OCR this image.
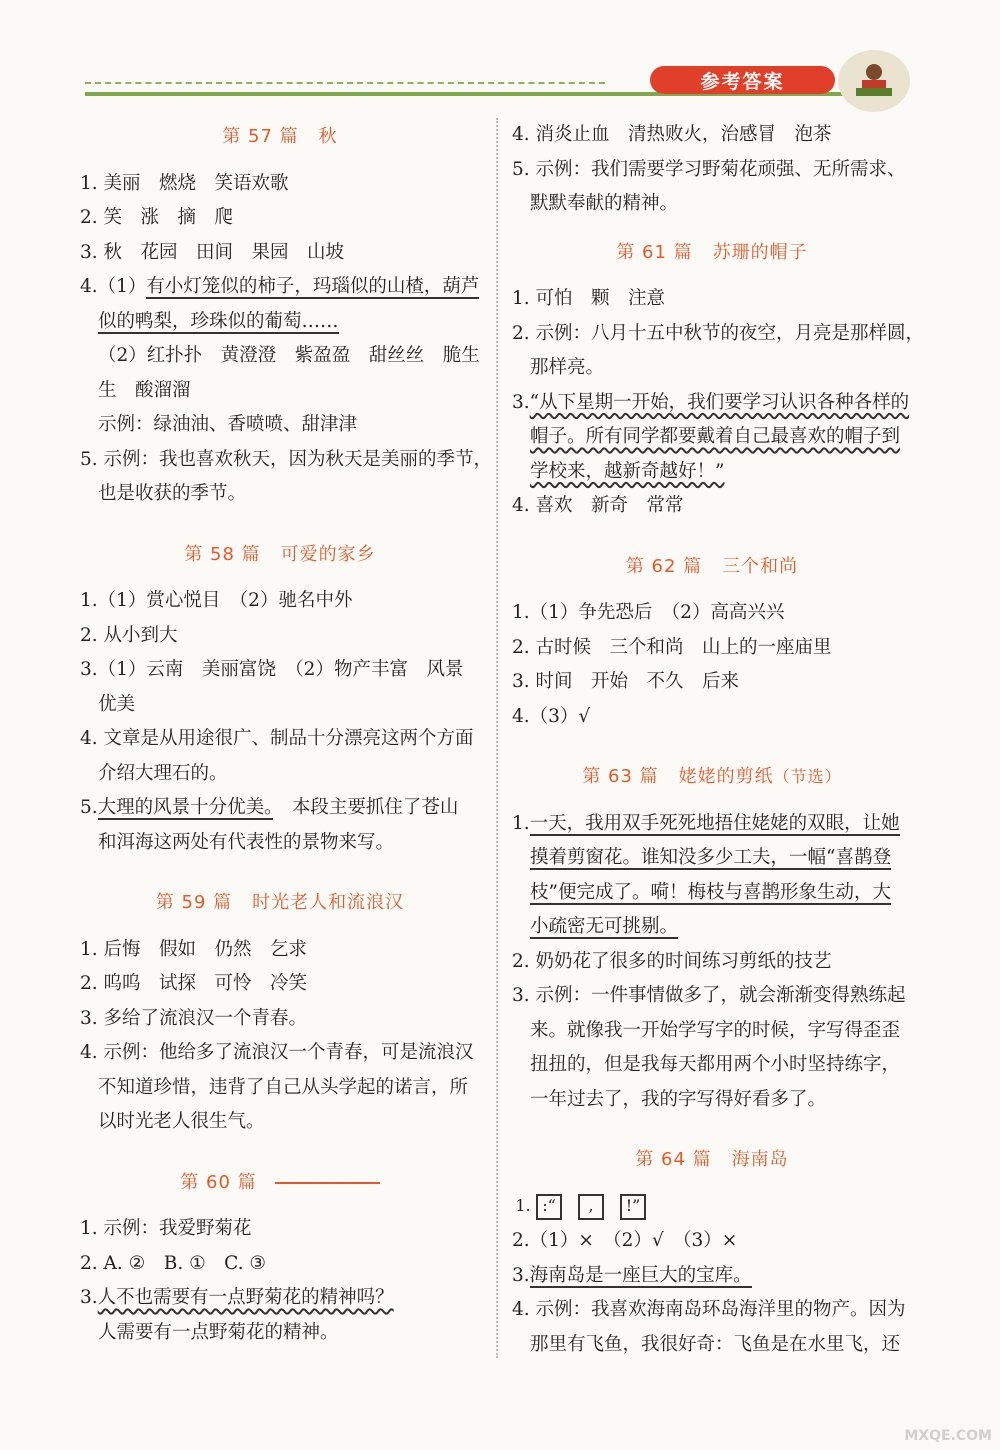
参考答案
第 57 篇 秋
1. 美丽　燃烧　笑语欢歌
2. 笑　涨　摘　爬
3. 秋　花园　田间　果园　山坡
4.（1）有小灯笼似的柿子，玛瑙似的山楂，葫芦
似的鸭梨，珍珠似的葡萄……
（2）红扑扑　黄澄澄　紫盈盈　甜丝丝　脆生
生　酸溜溜
示例：绿油油、香喷喷、甜津津
5. 示例：我也喜欢秋天，因为秋天是美丽的季节，
也是收获的季节。
第 58 篇 可爱的家乡
1.（1）赏心悦目　（2）驰名中外
2. 从小到大
3.（1）云南　美丽富饶　（2）物产丰富　风景
优美
4. 文章是从用途很广、制品十分漂亮这两个方面
介绍大理石的。
5.大理的风景十分优美。　本段主要抓住了苍山
和洱海这两处有代表性的景物来写。
第 59 篇 时光老人和流浪汉
1. 后悔　假如　仍然　乞求
2. 呜呜　试探　可怜　冷笑
3. 多给了流浪汉一个青春。
4. 示例：他给多了流浪汉一个青春，可是流浪汉
不知道珍惜，违背了自己从头学起的诺言，所
以时光老人很生气。
第 60 篇
1. 示例：我爱野菊花
2. A. ②　B. ①　C. ③
3.人不也需要有一点野菊花的精神吗？
人需要有一点野菊花的精神。
4. 消炎止血　清热败火，治感冒　泡茶
5. 示例：我们需要学习野菊花顽强、无所需求、
默默奉献的精神。
第 61 篇 苏珊的帽子
1. 可怕　颗　注意
2. 示例：八月十五中秋节的夜空，月亮是那样圆，
那样亮。
3.“从下星期一开始，我们要学习认识各种各样的
帽子。所有同学都要戴着自己最喜欢的帽子到
学校来，越新奇越好！”
4. 喜欢　新奇　常常
第 62 篇 三个和尚
1.（1）争先恐后　（2）高高兴兴
2. 古时候　三个和尚　山上的一座庙里
3. 时间　开始　不久　后来
4.（3）√
第 63 篇 姥姥的剪纸（节选）
1.一天，我用双手死死地捂住姥姥的双眼，让她
摸着剪窗花。谁知没多少工夫，一幅“喜鹊登
枝”便完成了。嗬！梅枝与喜鹊形象生动，大
小疏密无可挑剔。
2. 奶奶花了很多的时间练习剪纸的技艺
3. 示例：一件事情做多了，就会渐渐变得熟练起
来。就像我一开始学写字的时候，字写得歪歪
扭扭的，但是我每天都用两个小时坚持练字，
一年过去了，我的字写得好看多了。
第 64 篇 海南岛
1. :“ , !”
2.（1）×　（2）√　（3）×
3.海南岛是一座巨大的宝库。
4. 示例：我喜欢海南岛环岛海洋里的物产。因为
那里有飞鱼，我很好奇：飞鱼是在水里飞，还
MXQE.COM
